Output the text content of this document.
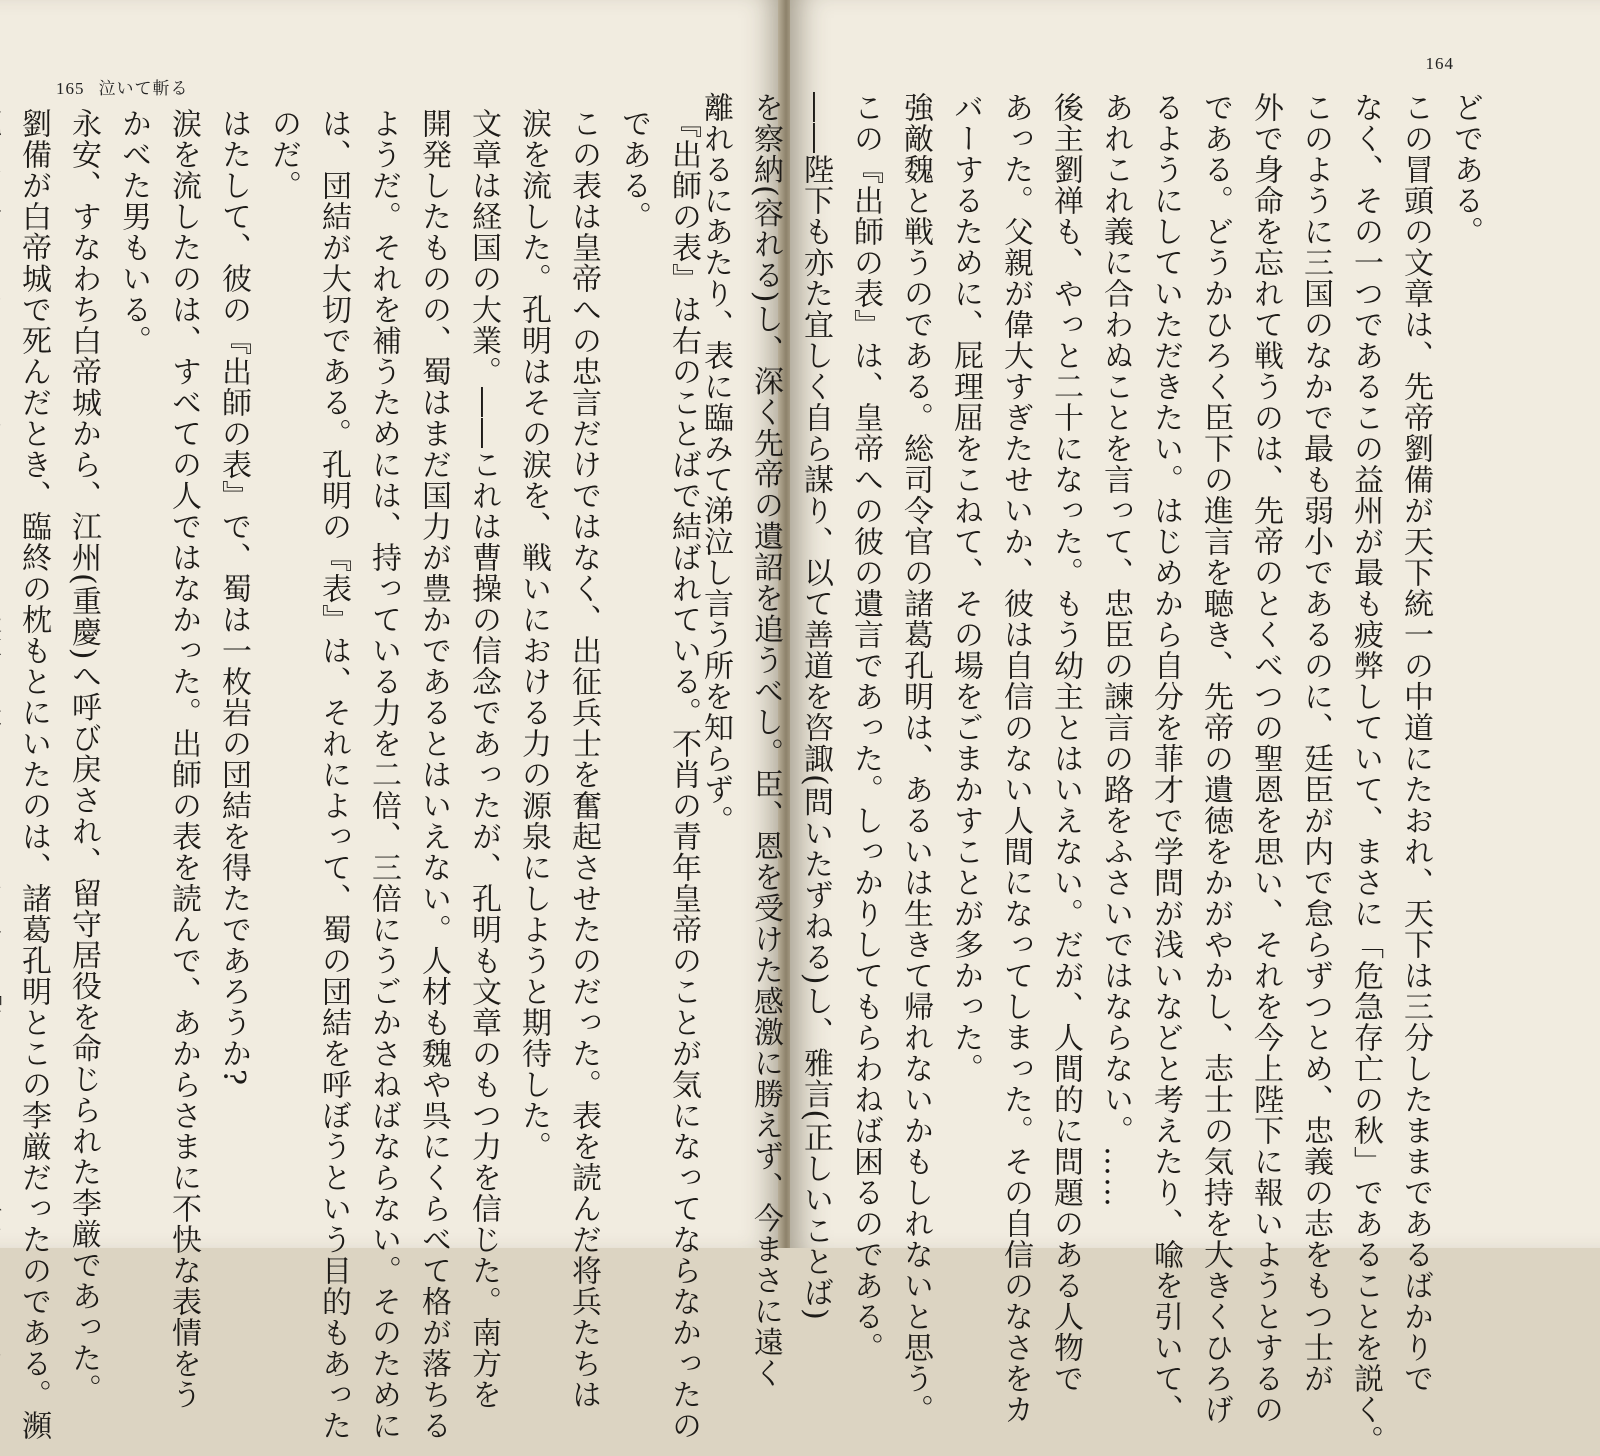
165 泣いて斬る
『出師の表』は右のことばで結ばれている。不肖の青年皇帝のことが気になってならなかったの
である。
この表は皇帝への忠言だけではなく、出征兵士を奮起させたのだった。表を読んだ将兵たちは
涙を流した。孔明はその涙を、戦いにおける力の源泉にしようと期待した。
文章は経国の大業。――これは曹操の信念であったが、孔明も文章のもつ力を信じた。南方を
開発したものの、蜀はまだ国力が豊かであるとはいえない。人材も魏や呉にくらべて格が落ちる
ようだ。それを補うためには、持っている力を二倍、三倍にうごかさねばならない。そのために
は、団結が大切である。孔明の『表』は、それによって、蜀の団結を呼ぼうという目的もあった
のだ。
はたして、彼の『出師の表』で、蜀は一枚岩の団結を得たであろうか?
涙を流したのは、すべての人ではなかった。出師の表を読んで、あからさまに不快な表情をう
かべた男もいる。
永安、すなわち白帝城から、江州(重慶)へ呼び戻され、留守居役を命じられた李厳であった。
劉備が白帝城で死んだとき、臨終の枕もとにいたのは、諸葛孔明とこの李厳だったのである。瀕
164
どである。
この冒頭の文章は、先帝劉備が天下統一の中道にたおれ、天下は三分したままであるばかりで
なく、その一つであるこの益州が最も疲弊していて、まさに「危急存亡の秋」であることを説く。
このように三国のなかで最も弱小であるのに、廷臣が内で怠らずつとめ、忠義の志をもつ士が
外で身命を忘れて戦うのは、先帝のとくべつの聖恩を思い、それを今上陛下に報いようとするの
である。どうかひろく臣下の進言を聴き、先帝の遺徳をかがやかし、志士の気持を大きくひろげ
るようにしていただきたい。はじめから自分を菲才で学問が浅いなどと考えたり、喩を引いて、
あれこれ義に合わぬことを言って、忠臣の諫言の路をふさいではならない。……
後主劉禅も、やっと二十になった。もう幼主とはいえない。だが、人間的に問題のある人物で
あった。父親が偉大すぎたせいか、彼は自信のない人間になってしまった。その自信のなさをカ
バーするために、屁理屈をこねて、その場をごまかすことが多かった。
強敵魏と戦うのである。総司令官の諸葛孔明は、あるいは生きて帰れないかもしれないと思う。
この『出師の表』は、皇帝への彼の遺言であった。しっかりしてもらわねば困るのである。
――陛下も亦た宜しく自ら謀り、以て善道を咨諏(問いたずねる)し、雅言(正しいことば)
を察納(容れる)し、深く先帝の遺詔を追うべし。臣、恩を受けた感激に勝えず、今まさに遠く
離れるにあたり、表に臨みて涕泣し言う所を知らず。
